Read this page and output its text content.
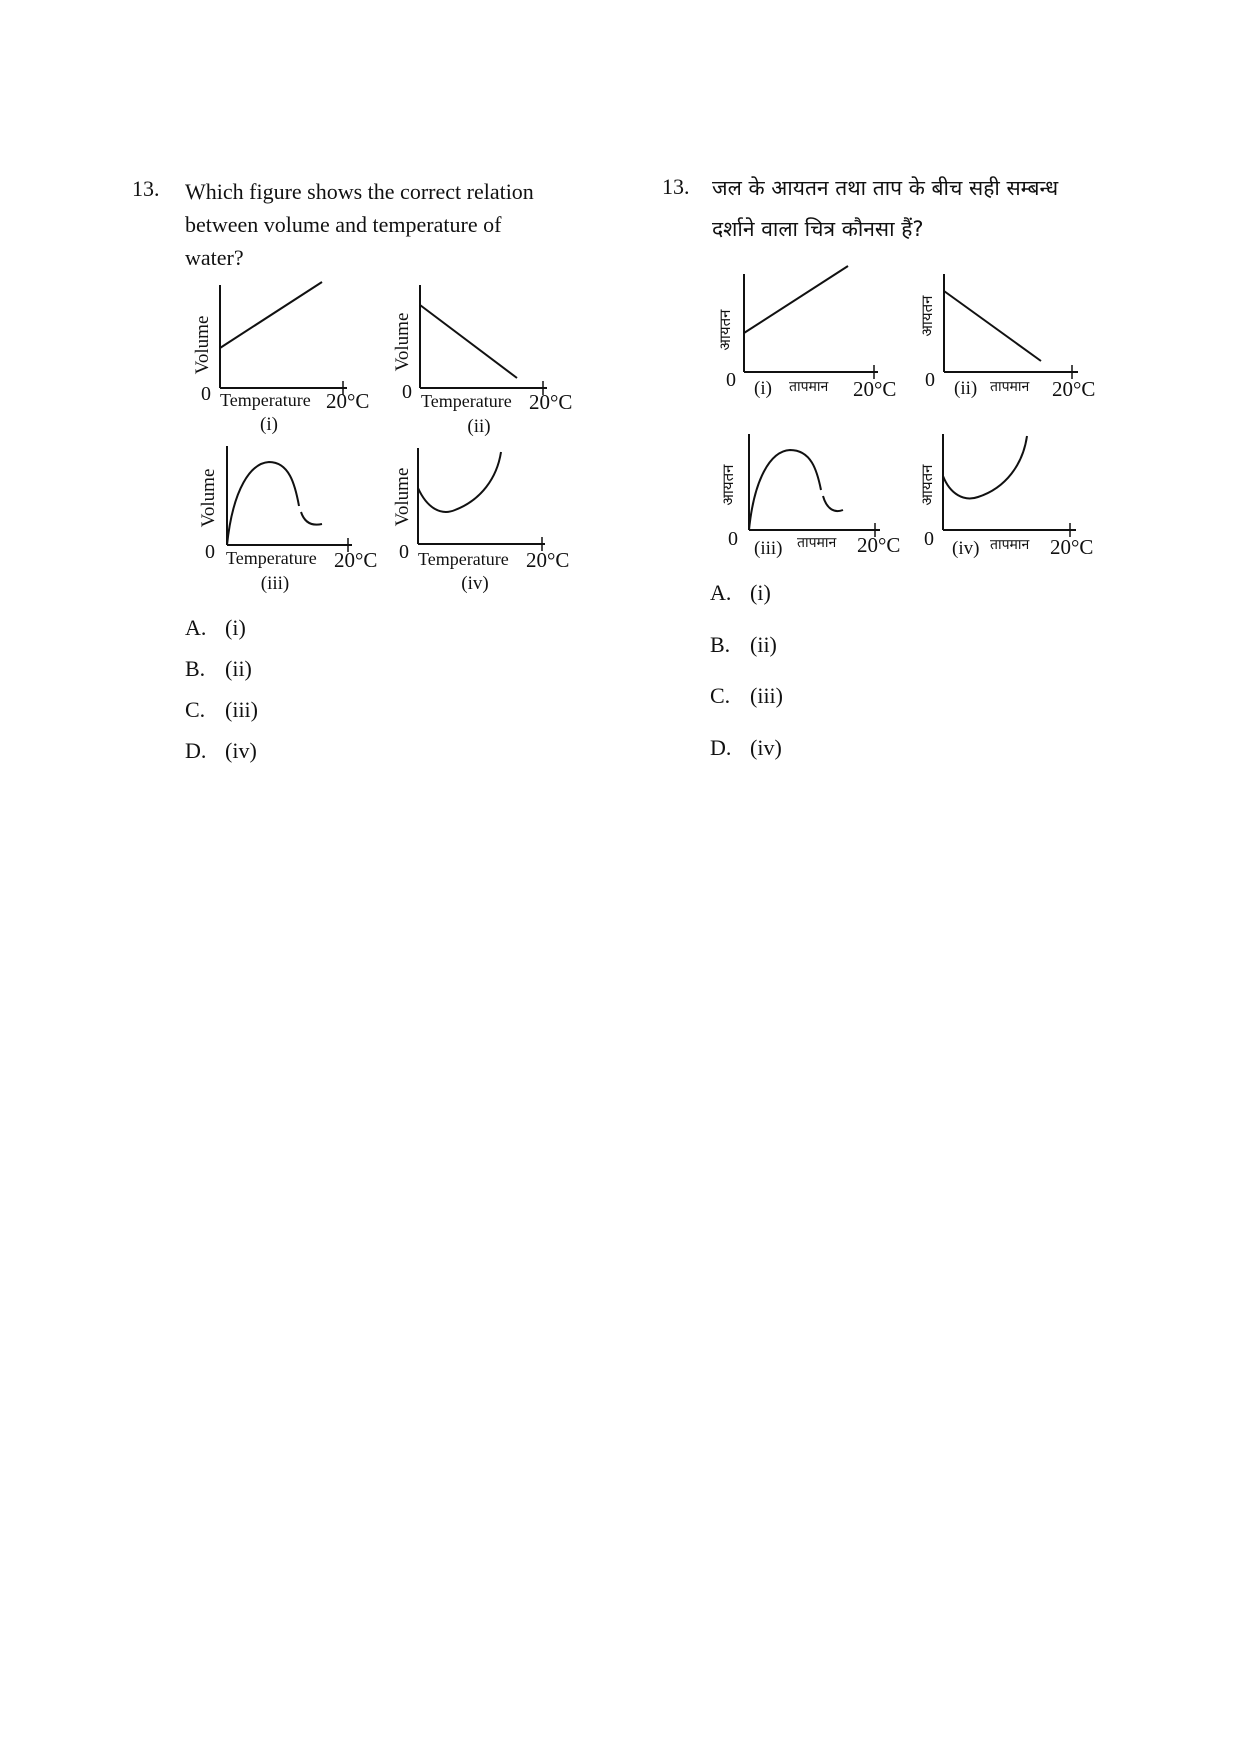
13. Which figure shows the correct relation
between volume and temperature of
water?
Volume
0 Temperature 20°C
(i)
Volume
0 Temperature 20°C
(ii)
Volume
0 Temperature 20°C
(iii)
Volume
0 Temperature 20°C
(iv)
A. (i)
B. (ii)
C. (iii)
D. (iv)
13. जल के आयतन तथा ताप के बीच सही सम्बन्ध
दर्शाने वाला चित्र कौनसा हैं?
आयतन
0 (i) तापमान 20°C
आयतन
0 (ii) तापमान 20°C
आयतन
0 (iii) तापमान 20°C
आयतन
0 (iv) तापमान 20°C
A. (i)
B. (ii)
C. (iii)
D. (iv)
